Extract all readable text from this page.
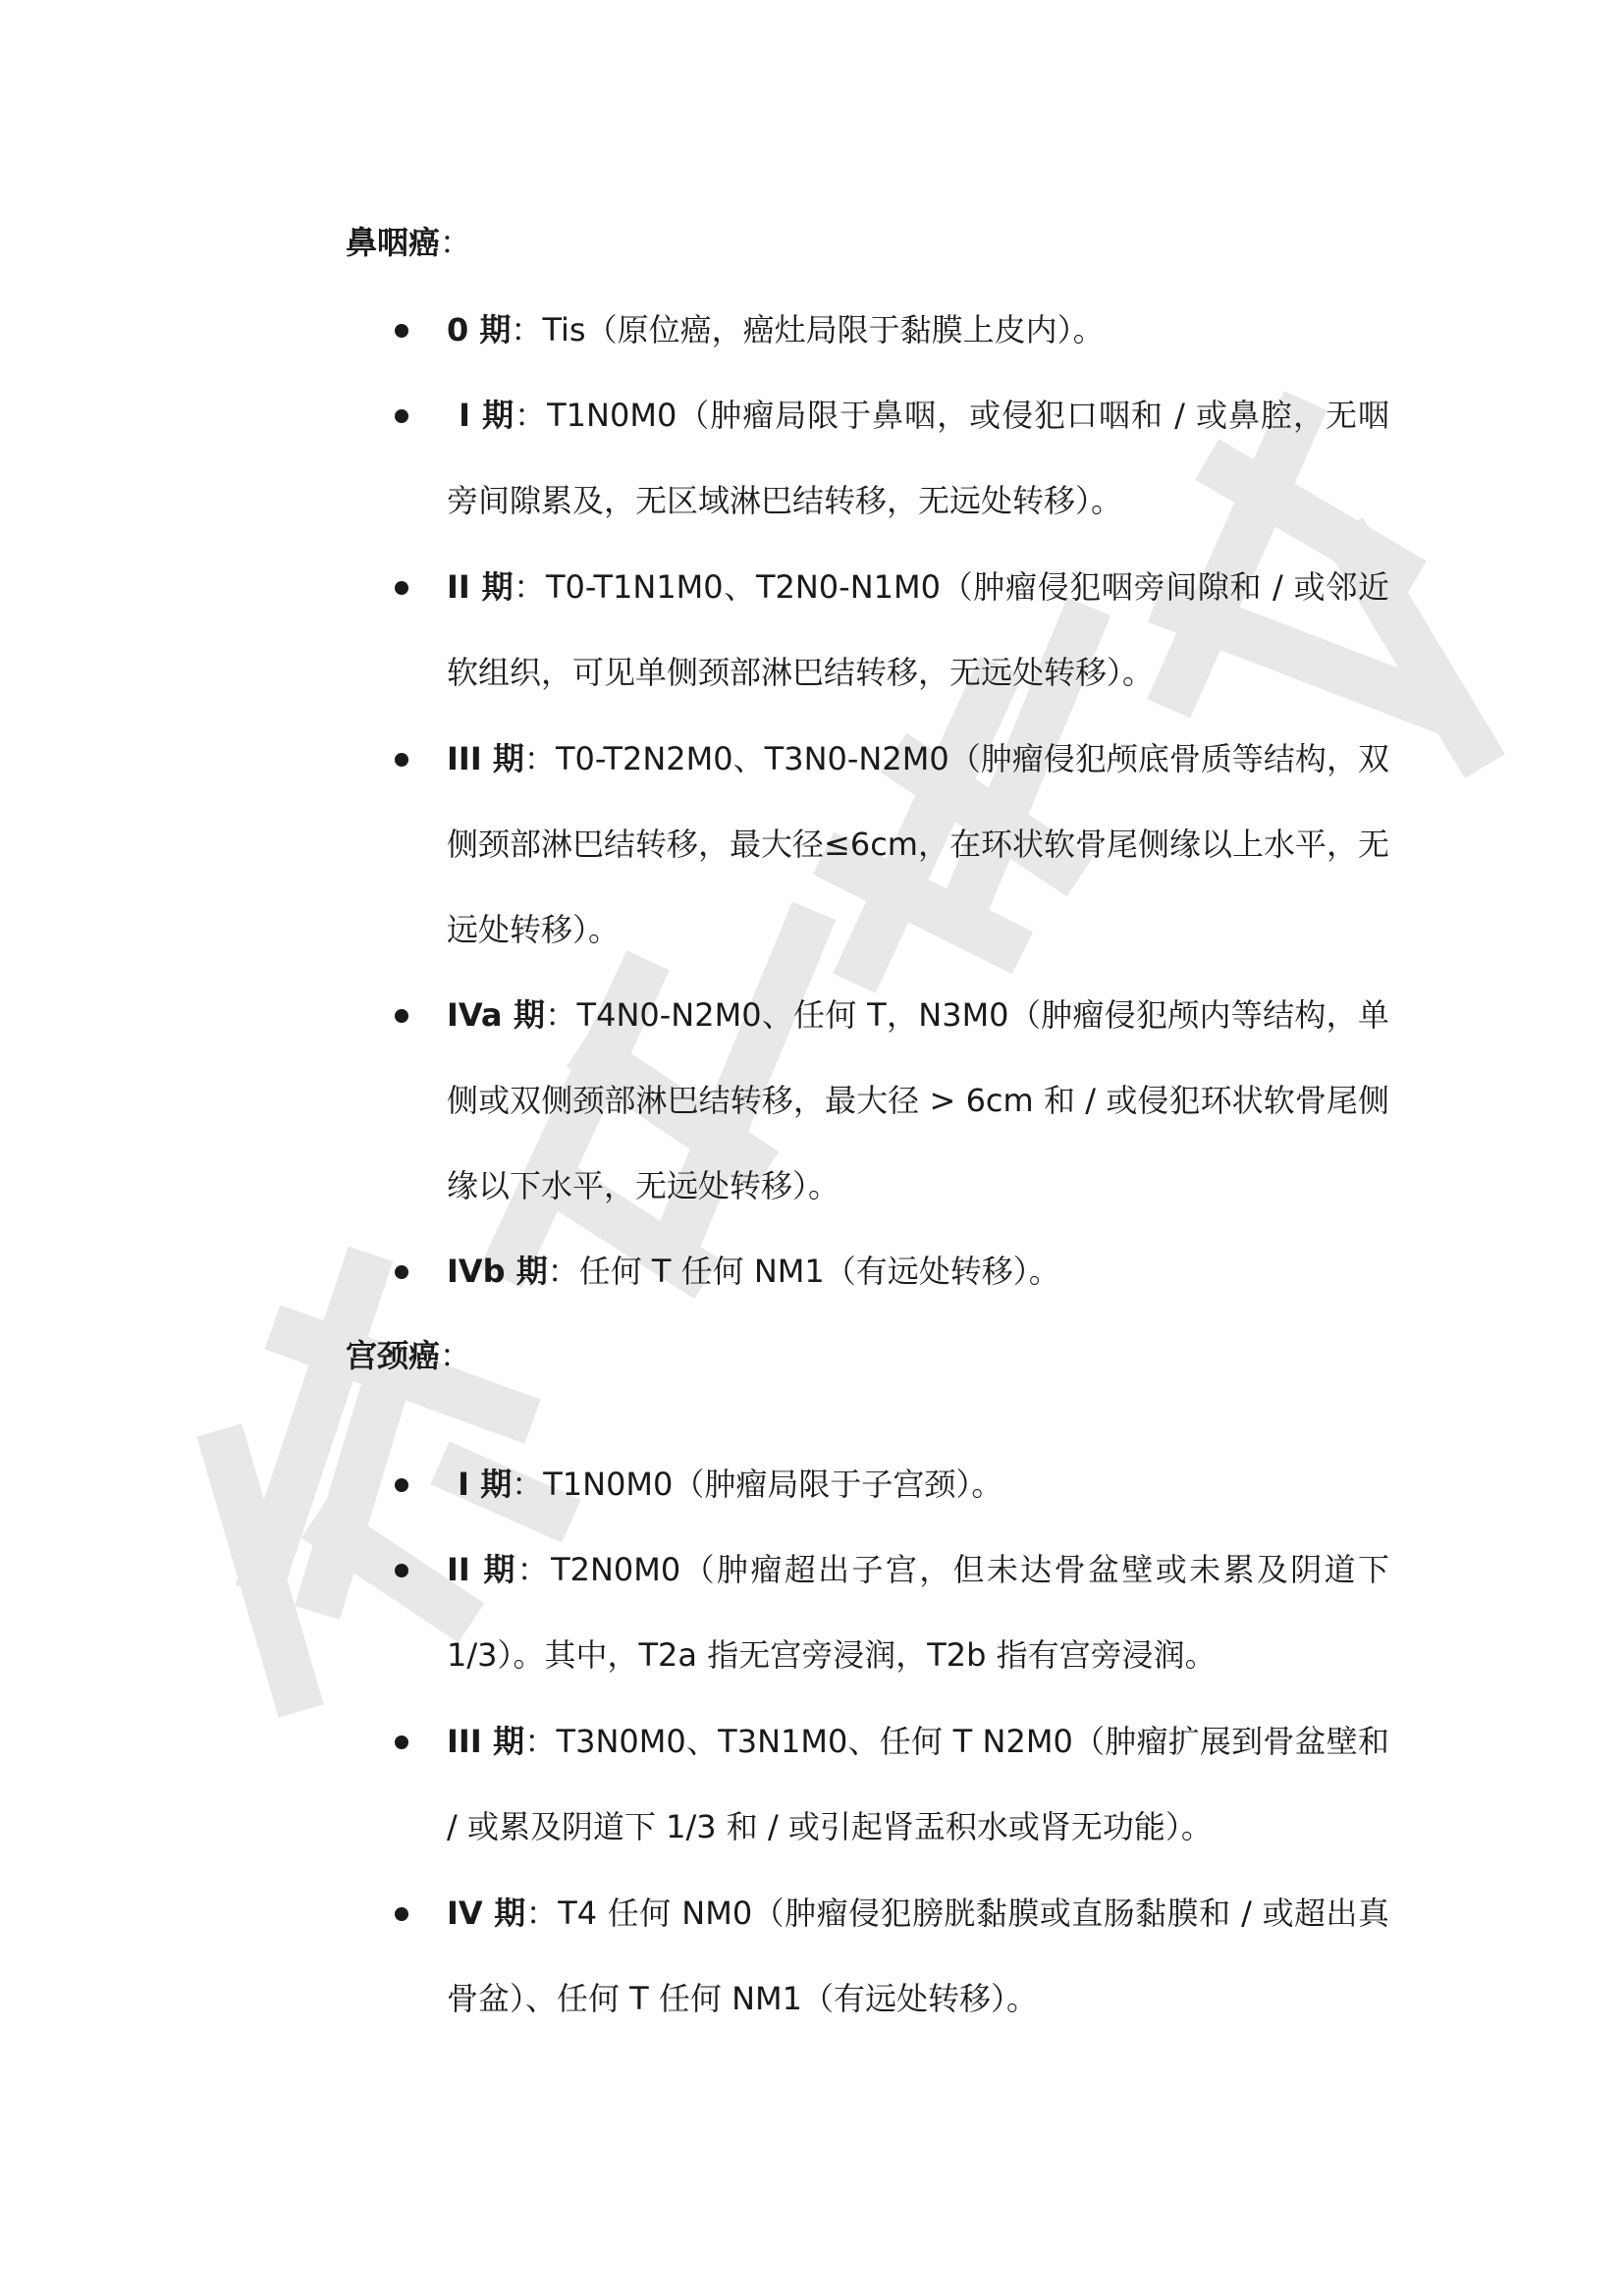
鼻咽癌：
0 期：Tis（原位癌，癌灶局限于黏膜上皮内）。
I 期：T1N0M0（肿瘤局限于鼻咽，或侵犯口咽和 / 或鼻腔，无咽旁间隙累及，无区域淋巴结转移，无远处转移）。
II 期：T0-T1N1M0、T2N0-N1M0（肿瘤侵犯咽旁间隙和 / 或邻近软组织，可见单侧颈部淋巴结转移，无远处转移）。
III 期：T0-T2N2M0、T3N0-N2M0（肿瘤侵犯颅底骨质等结构，双侧颈部淋巴结转移，最大径≤6cm，在环状软骨尾侧缘以上水平，无远处转移）。
IVa 期：T4N0-N2M0、任何 T，N3M0（肿瘤侵犯颅内等结构，单侧或双侧颈部淋巴结转移，最大径 > 6cm 和 / 或侵犯环状软骨尾侧缘以下水平，无远处转移）。
IVb 期：任何 T 任何 NM1（有远处转移）。
宫颈癌：
I 期：T1N0M0（肿瘤局限于子宫颈）。
II 期：T2N0M0（肿瘤超出子宫，但未达骨盆壁或未累及阴道下 1/3）。其中，T2a 指无宫旁浸润，T2b 指有宫旁浸润。
III 期：T3N0M0、T3N1M0、任何 T N2M0（肿瘤扩展到骨盆壁和 / 或累及阴道下 1/3 和 / 或引起肾盂积水或肾无功能）。
IV 期：T4 任何 NM0（肿瘤侵犯膀胱黏膜或直肠黏膜和 / 或超出真骨盆）、任何 T 任何 NM1（有远处转移）。
